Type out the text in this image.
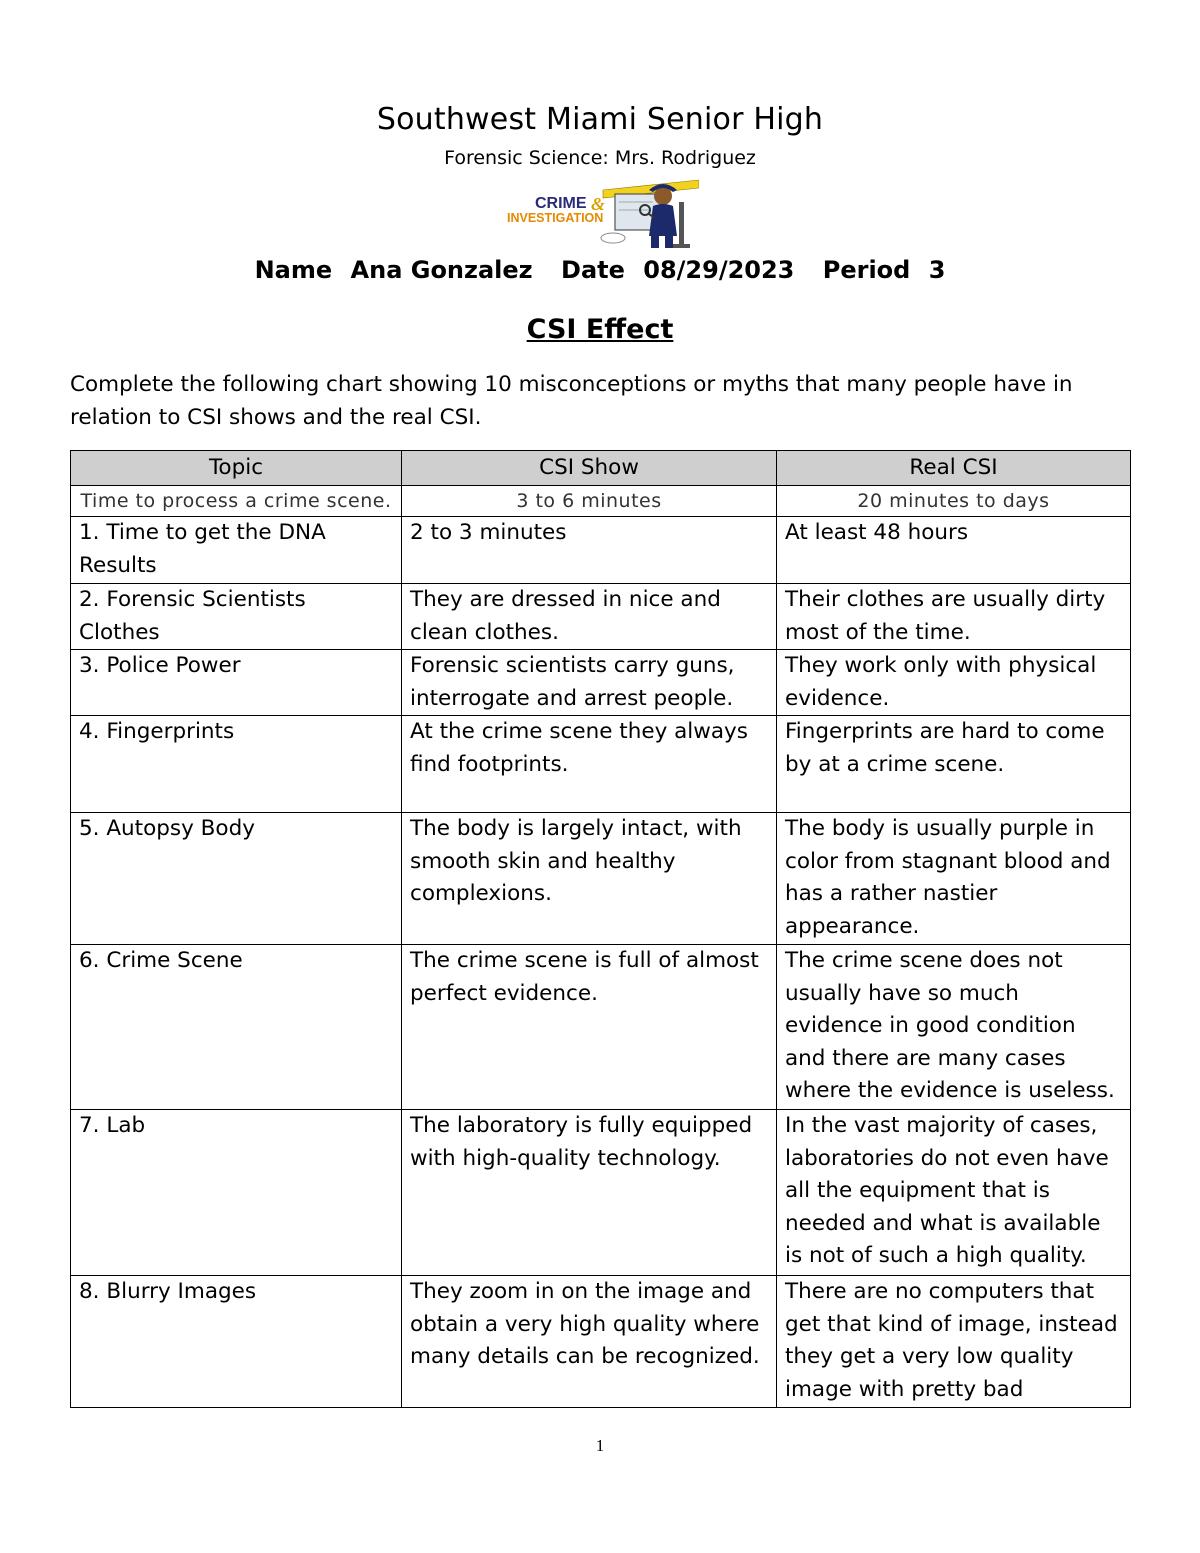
Southwest Miami Senior High
Forensic Science: Mrs. Rodriguez
CRIME &
INVESTIGATION
Name Ana Gonzalez Date 08/29/2023 Period 3
CSI Effect
Complete the following chart showing 10 misconceptions or myths that many people have in relation to CSI shows and the real CSI.
Topic	CSI Show	Real CSI
Time to process a crime scene.	3 to 6 minutes	20 minutes to days
1. Time to get the DNA Results	2 to 3 minutes	At least 48 hours
2. Forensic Scientists Clothes	They are dressed in nice and clean clothes.	Their clothes are usually dirty most of the time.
3. Police Power	Forensic scientists carry guns, interrogate and arrest people.	They work only with physical evidence.
4. Fingerprints	At the crime scene they always find footprints.	Fingerprints are hard to come by at a crime scene.
5. Autopsy Body	The body is largely intact, with smooth skin and healthy complexions.	The body is usually purple in color from stagnant blood and has a rather nastier appearance.
6. Crime Scene	The crime scene is full of almost perfect evidence.	The crime scene does not usually have so much evidence in good condition and there are many cases where the evidence is useless.
7. Lab	The laboratory is fully equipped with high-quality technology.	In the vast majority of cases, laboratories do not even have all the equipment that is needed and what is available is not of such a high quality.
8. Blurry Images	They zoom in on the image and obtain a very high quality where many details can be recognized.	There are no computers that get that kind of image, instead they get a very low quality image with pretty bad
1
